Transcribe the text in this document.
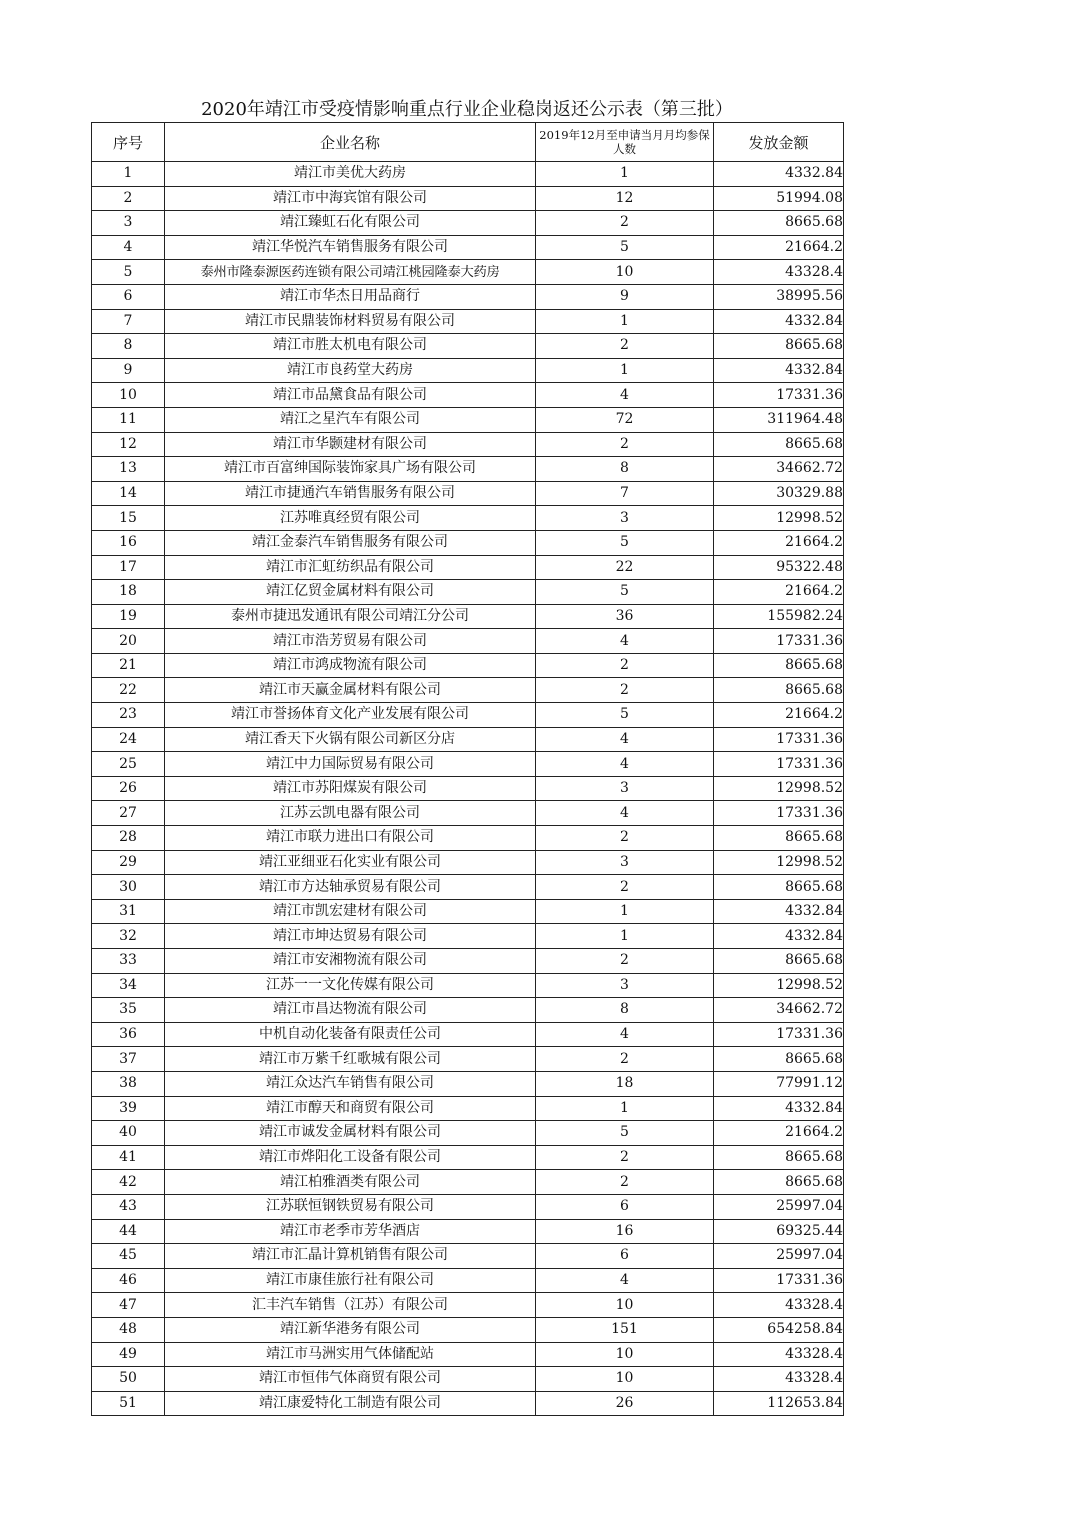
2020年靖江市受疫情影响重点行业企业稳岗返还公示表（第三批）
序号	企业名称	2019年12月至申请当月月均参保人数	发放金额
1	靖江市美优大药房	1	4332.84
2	靖江市中海宾馆有限公司	12	51994.08
3	靖江臻虹石化有限公司	2	8665.68
4	靖江华悦汽车销售服务有限公司	5	21664.2
5	泰州市隆泰源医药连锁有限公司靖江桃园隆泰大药房	10	43328.4
6	靖江市华杰日用品商行	9	38995.56
7	靖江市民鼎装饰材料贸易有限公司	1	4332.84
8	靖江市胜太机电有限公司	2	8665.68
9	靖江市良药堂大药房	1	4332.84
10	靖江市品黛食品有限公司	4	17331.36
11	靖江之星汽车有限公司	72	311964.48
12	靖江市华颢建材有限公司	2	8665.68
13	靖江市百富绅国际装饰家具广场有限公司	8	34662.72
14	靖江市捷通汽车销售服务有限公司	7	30329.88
15	江苏唯真经贸有限公司	3	12998.52
16	靖江金泰汽车销售服务有限公司	5	21664.2
17	靖江市汇虹纺织品有限公司	22	95322.48
18	靖江亿贸金属材料有限公司	5	21664.2
19	泰州市捷迅发通讯有限公司靖江分公司	36	155982.24
20	靖江市浩芳贸易有限公司	4	17331.36
21	靖江市鸿成物流有限公司	2	8665.68
22	靖江市天赢金属材料有限公司	2	8665.68
23	靖江市誉扬体育文化产业发展有限公司	5	21664.2
24	靖江香天下火锅有限公司新区分店	4	17331.36
25	靖江中力国际贸易有限公司	4	17331.36
26	靖江市苏阳煤炭有限公司	3	12998.52
27	江苏云凯电器有限公司	4	17331.36
28	靖江市联力进出口有限公司	2	8665.68
29	靖江亚细亚石化实业有限公司	3	12998.52
30	靖江市方达轴承贸易有限公司	2	8665.68
31	靖江市凯宏建材有限公司	1	4332.84
32	靖江市坤达贸易有限公司	1	4332.84
33	靖江市安湘物流有限公司	2	8665.68
34	江苏一一文化传媒有限公司	3	12998.52
35	靖江市昌达物流有限公司	8	34662.72
36	中机自动化装备有限责任公司	4	17331.36
37	靖江市万紫千红歌城有限公司	2	8665.68
38	靖江众达汽车销售有限公司	18	77991.12
39	靖江市醇天和商贸有限公司	1	4332.84
40	靖江市诚发金属材料有限公司	5	21664.2
41	靖江市烨阳化工设备有限公司	2	8665.68
42	靖江柏雅酒类有限公司	2	8665.68
43	江苏联恒钢铁贸易有限公司	6	25997.04
44	靖江市老季市芳华酒店	16	69325.44
45	靖江市汇晶计算机销售有限公司	6	25997.04
46	靖江市康佳旅行社有限公司	4	17331.36
47	汇丰汽车销售（江苏）有限公司	10	43328.4
48	靖江新华港务有限公司	151	654258.84
49	靖江市马洲实用气体储配站	10	43328.4
50	靖江市恒伟气体商贸有限公司	10	43328.4
51	靖江康爱特化工制造有限公司	26	112653.84
